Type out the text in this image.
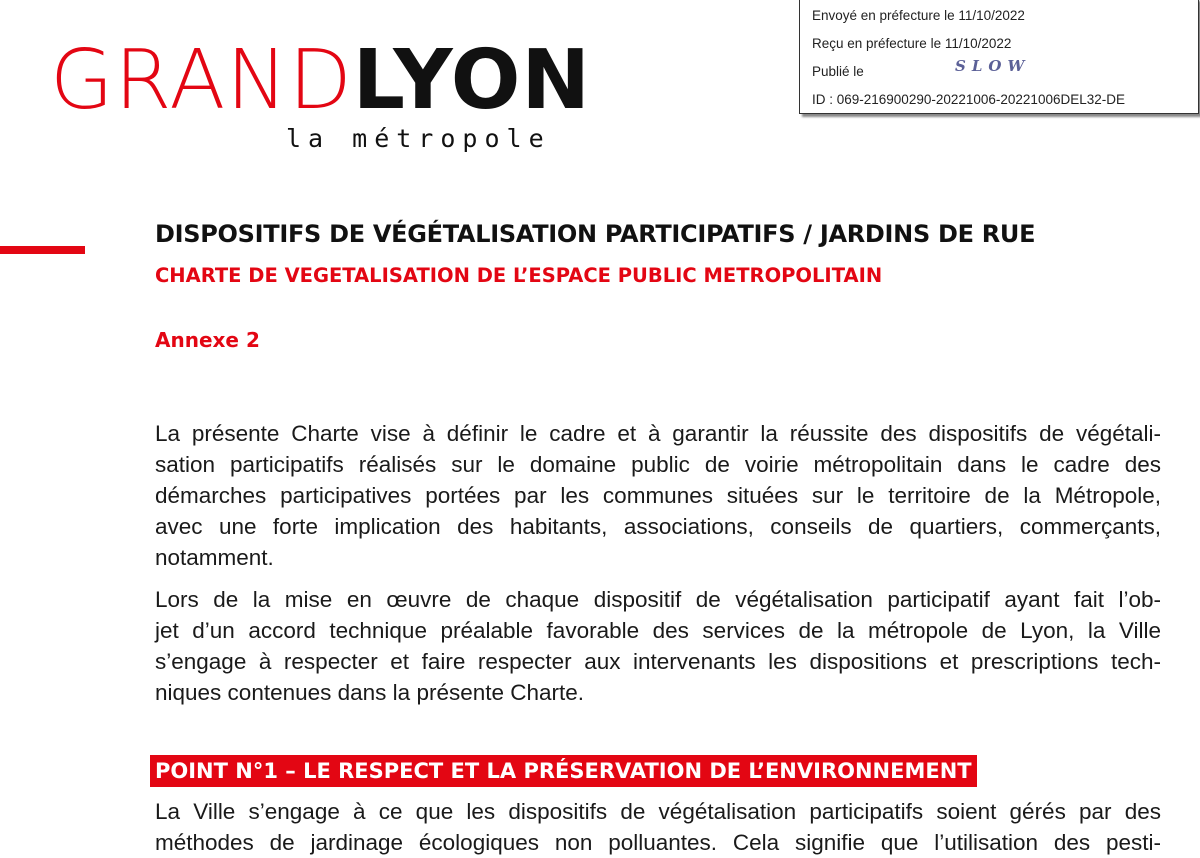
GRANDLYON
la métropole
Envoyé en préfecture le 11/10/2022
Reçu en préfecture le 11/10/2022
Publié le	SLOW
ID : 069-216900290-20221006-20221006DEL32-DE
DISPOSITIFS DE VÉGÉTALISATION PARTICIPATIFS / JARDINS DE RUE
CHARTE DE VEGETALISATION DE L’ESPACE PUBLIC METROPOLITAIN
Annexe 2
La présente Charte vise à définir le cadre et à garantir la réussite des dispositifs de végétali-
sation participatifs réalisés sur le domaine public de voirie métropolitain dans le cadre des
démarches participatives portées par les communes situées sur le territoire de la Métropole,
avec une forte implication des habitants, associations, conseils de quartiers, commerçants,
notamment.
Lors de la mise en œuvre de chaque dispositif de végétalisation participatif ayant fait l’ob-
jet d’un accord technique préalable favorable des services de la métropole de Lyon, la Ville
s’engage à respecter et faire respecter aux intervenants les dispositions et prescriptions tech-
niques contenues dans la présente Charte.
POINT N°1 – LE RESPECT ET LA PRÉSERVATION DE L’ENVIRONNEMENT
La Ville s’engage à ce que les dispositifs de végétalisation participatifs soient gérés par des
méthodes de jardinage écologiques non polluantes. Cela signifie que l’utilisation des pesti-
